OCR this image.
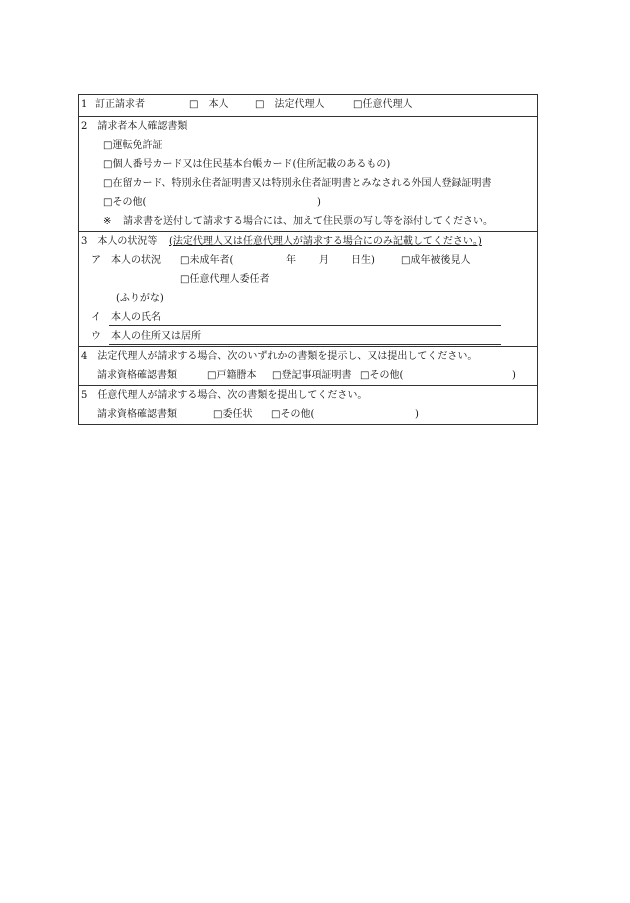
1 訂正請求者	□　本人	□　法定代理人	□任意代理人
2　請求者本人確認書類
□運転免許証
□個人番号カード又は住民基本台帳カード(住所記載のあるもの)
□在留カード、特別永住者証明書又は特別永住者証明書とみなされる外国人登録証明書
□その他(	)
※ 請求書を送付して請求する場合には、加えて住民票の写し等を添付してください。
3　本人の状況等 (法定代理人又は任意代理人が請求する場合にのみ記載してください。)
ア 本人の状況 □未成年者(	年 月 日生)	□成年被後見人
□任意代理人委任者
(ふりがな)
イ 本人の氏名
ウ 本人の住所又は居所
4　法定代理人が請求する場合、次のいずれかの書類を提示し、又は提出してください。
請求資格確認書類	□戸籍謄本 □登記事項証明書 □その他(	)
5　任意代理人が請求する場合、次の書類を提出してください。
請求資格確認書類	□委任状 □その他(	)
